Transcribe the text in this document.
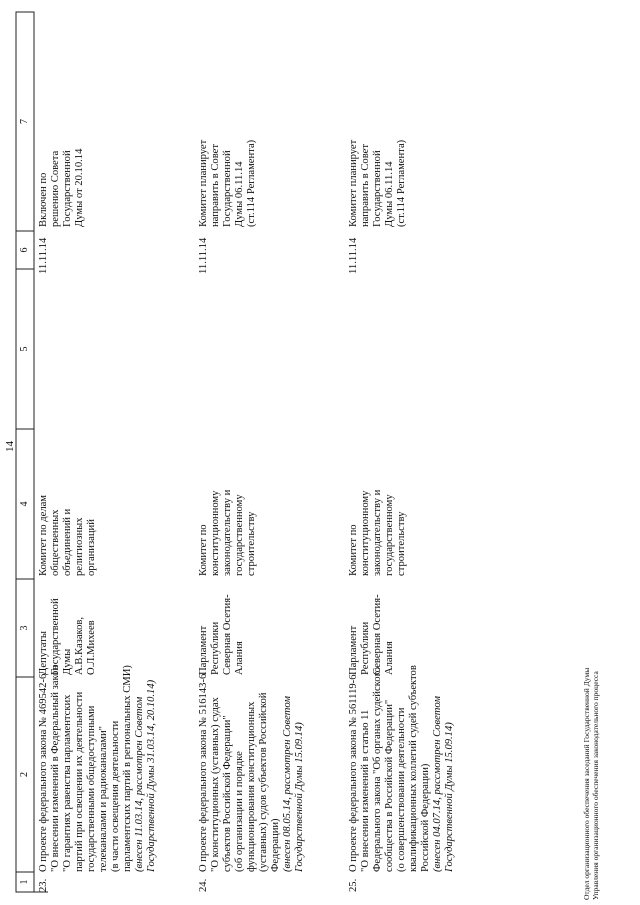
14
1
2
3
4
5
6
7
23.
О проекте федерального закона № 469542-6 "О внесении изменений в Федеральный закон "О гарантиях равенства парламентских партий при освещении их деятельности государственными общедоступными телеканалами и радиоканалами" (в части освещения деятельности парламентских партий в региональных СМИ) (внесен 11.03.14, рассмотрен Советом Государственной Думы 31.03.14, 20.10.14)
Депутаты Государственной Думы А.В.Казаков, О.Л.Михеев
Комитет по делам общественных объединений и религиозных организаций
11.11.14
Включен по решению Совета Государственной Думы от 20.10.14
24.
О проекте федерального закона № 516143-6 "О конституционных (уставных) судах субъектов Российской Федерации" (об организации и порядке функционирования конституционных (уставных) судов субъектов Российской Федерации) (внесен 08.05.14, рассмотрен Советом Государственной Думы 15.09.14)
Парламент Республики Северная Осетия- Алания
Комитет по конституционному законодательству и государственному строительству
11.11.14
Комитет планирует направить в Совет Государственной Думы 06.11.14 (ст.114 Регламента)
25.
О проекте федерального закона № 561119-6 "О внесении изменений в статью 11 Федерального закона "Об органах судейского сообщества в Российской Федерации" (о совершенствовании деятельности квалификационных коллегий судей субъектов Российской Федерации) (внесен 04.07.14, рассмотрен Советом Государственной Думы 15.09.14)
Парламент Республики Северная Осетия- Алания
Комитет по конституционному законодательству и государственному строительству
11.11.14
Комитет планирует направить в Совет Государственной Думы 06.11.14 (ст.114 Регламента)
Отдел организационного обеспечения заседаний Государственной Думы Управления организационного обеспечения законодательного процесса
